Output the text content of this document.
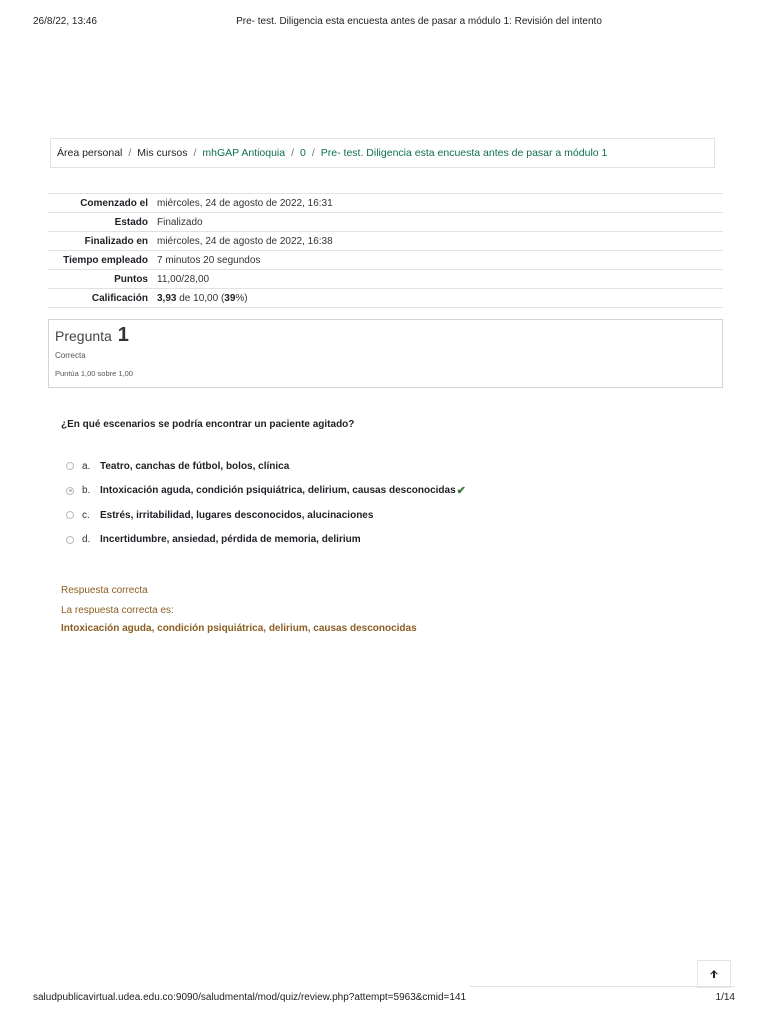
26/8/22, 13:46	Pre- test. Diligencia esta encuesta antes de pasar a módulo 1: Revisión del intento
Área personal / Mis cursos / mhGAP Antioquia / 0 / Pre- test. Diligencia esta encuesta antes de pasar a módulo 1
Comenzado el	miércoles, 24 de agosto de 2022, 16:31
Estado	Finalizado
Finalizado en	miércoles, 24 de agosto de 2022, 16:38
Tiempo empleado	7 minutos 20 segundos
Puntos	11,00/28,00
Calificación	3,93 de 10,00 (39%)
Pregunta 1
Correcta
Puntúa 1,00 sobre 1,00
¿En qué escenarios se podría encontrar un paciente agitado?
a. Teatro, canchas de fútbol, bolos, clínica
b. Intoxicación aguda, condición psiquiátrica, delirium, causas desconocidas ✔
c.	Estrés, irritabilidad, lugares desconocidos, alucinaciones
d. Incertidumbre, ansiedad, pérdida de memoria, delirium
Respuesta correcta
La respuesta correcta es:
Intoxicación aguda, condición psiquiátrica, delirium, causas desconocidas
saludpublicavirtual.udea.edu.co:9090/saludmental/mod/quiz/review.php?attempt=5963&cmid=141	1/14
